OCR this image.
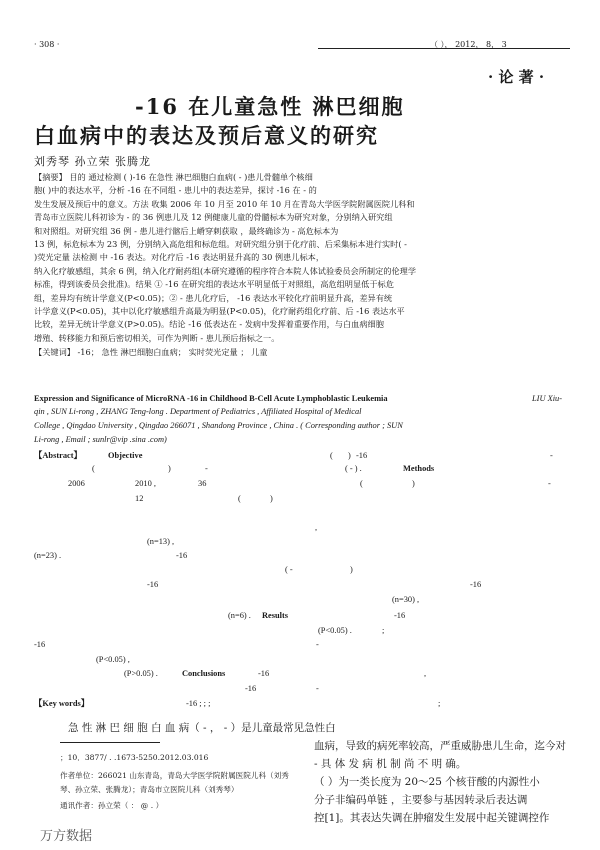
· 308 ·	（ ）， 2012， 8， 3
· 论 著 ·
-16 在儿童急性 淋巴细胞
白血病中的表达及预后意义的研究
刘秀琴 孙立荣 张腾龙
【摘要】 目的 通过检测 ( )-16 在急性 淋巴细胞白血病( - )患儿骨髓单个核细
胞( )中的表达水平，分析 -16 在不同组 - 患儿中的表达差异，探讨 -16 在 - 的
发生发展及预后中的意义。方法 收集 2006 年 10 月至 2010 年 10 月在青岛大学医学院附属医院儿科和
青岛市立医院儿科初诊为 - 的 36 例患儿及 12 例健康儿童的骨髓标本为研究对象，分别纳入研究组
和对照组。对研究组 36 例 - 患儿进行髂后上嵴穿刺获取 ，最终确诊为 - 高危标本为
13 例，标危标本为 23 例，分别纳入高危组和标危组。对研究组分别于化疗前、后采集标本进行实时( -
)荧光定量 法检测 中 -16 表达。对化疗后 -16 表达明显升高的 30 例患儿标本，
纳入化疗敏感组，其余 6 例，纳入化疗耐药组(本研究遵循的程序符合本院人体试验委员会所制定的伦理学
标准，得到该委员会批准)。结果 ① -16 在研究组的表达水平明显低于对照组，高危组明显低于标危
组，差异均有统计学意义(P<0.05)；② - 患儿化疗后， -16 表达水平较化疗前明显升高，差异有统
计学意义(P<0.05)，其中以化疗敏感组升高最为明显(P<0.05)，化疗耐药组化疗前、后 -16 表达水平
比较，差异无统计学意义(P>0.05)。结论 -16 低表达在 - 发病中发挥着重要作用，与白血病细胞
增殖、转移能力和预后密切相关，可作为判断 - 患儿预后指标之一。
【关键词】 -16； 急性 淋巴细胞白血病； 实时荧光定量 ； 儿童
Expression and Significance of MicroRNA -16 in Childhood B-Cell Acute Lymphoblastic Leukemia	LIU Xiu-
qin , SUN Li-rong , ZHANG Teng-long . Department of Pediatrics , Affiliated Hospital of Medical
College , Qingdao University , Qingdao 266071 , Shandong Province , China . ( Corresponding author ; SUN
Li-rong , Email ; sunlr@vip .sina .com)
【Abstract】	Objective	( ) -16	-
(	)	-	( - ) .	Methods
2006	2010 ,	36	(	)	-
12	(	)
,
(n=13) ,
(n=23) .	-16
( -	)
-16	-16
(n=30) ,
(n=6) . Results	-16
-16
(P<0.05) .	;
-
(P<0.05) ,
(P>0.05) .	Conclusions	-16	,
-16	-
【Key words】	-16 ; ; ;	;
急 性 淋 巴 细 胞 白 血 病（ - ， - ）是儿童最常见急性白
血病，导致的病死率较高，严重威胁患儿生命，迄今对
- 具 体 发 病 机 制 尚 不 明 确。
（ ）为一类长度为 20～25 个核苷酸的内源性小
分子非编码单链 ，主要参与基因转录后表达调
控[1]。其表达失调在肿瘤发生发展中起关键调控作
；10．3877/ . .1673-5250.2012.03.016
作者单位：266021 山东青岛，青岛大学医学院附属医院儿科（刘秀
琴、孙立荣、张腾龙）；青岛市立医院儿科（刘秀琴）
通讯作者：孙立荣（ ： @ . ）
万方数据
